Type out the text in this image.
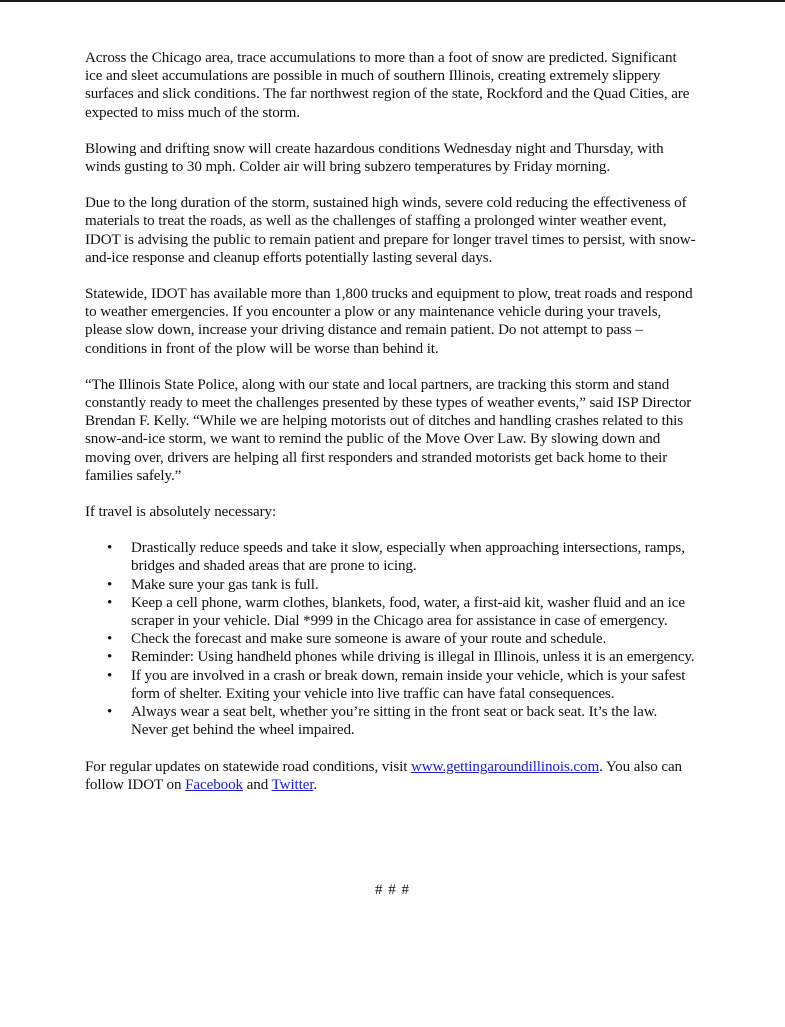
Across the Chicago area, trace accumulations to more than a foot of snow are predicted. Significant ice and sleet accumulations are possible in much of southern Illinois, creating extremely slippery surfaces and slick conditions. The far northwest region of the state, Rockford and the Quad Cities, are expected to miss much of the storm.

Blowing and drifting snow will create hazardous conditions Wednesday night and Thursday, with winds gusting to 30 mph. Colder air will bring subzero temperatures by Friday morning.

Due to the long duration of the storm, sustained high winds, severe cold reducing the effectiveness of materials to treat the roads, as well as the challenges of staffing a prolonged winter weather event, IDOT is advising the public to remain patient and prepare for longer travel times to persist, with snow-and-ice response and cleanup efforts potentially lasting several days.

Statewide, IDOT has available more than 1,800 trucks and equipment to plow, treat roads and respond to weather emergencies. If you encounter a plow or any maintenance vehicle during your travels, please slow down, increase your driving distance and remain patient. Do not attempt to pass – conditions in front of the plow will be worse than behind it.

“The Illinois State Police, along with our state and local partners, are tracking this storm and stand constantly ready to meet the challenges presented by these types of weather events,” said ISP Director Brendan F. Kelly. “While we are helping motorists out of ditches and handling crashes related to this snow-and-ice storm, we want to remind the public of the Move Over Law. By slowing down and moving over, drivers are helping all first responders and stranded motorists get back home to their families safely.”

If travel is absolutely necessary:

• Drastically reduce speeds and take it slow, especially when approaching intersections, ramps, bridges and shaded areas that are prone to icing.
• Make sure your gas tank is full.
• Keep a cell phone, warm clothes, blankets, food, water, a first-aid kit, washer fluid and an ice scraper in your vehicle. Dial *999 in the Chicago area for assistance in case of emergency.
• Check the forecast and make sure someone is aware of your route and schedule.
• Reminder: Using handheld phones while driving is illegal in Illinois, unless it is an emergency.
• If you are involved in a crash or break down, remain inside your vehicle, which is your safest form of shelter. Exiting your vehicle into live traffic can have fatal consequences.
• Always wear a seat belt, whether you’re sitting in the front seat or back seat. It’s the law. Never get behind the wheel impaired.

For regular updates on statewide road conditions, visit www.gettingaroundillinois.com. You also can follow IDOT on Facebook and Twitter.

# # #
